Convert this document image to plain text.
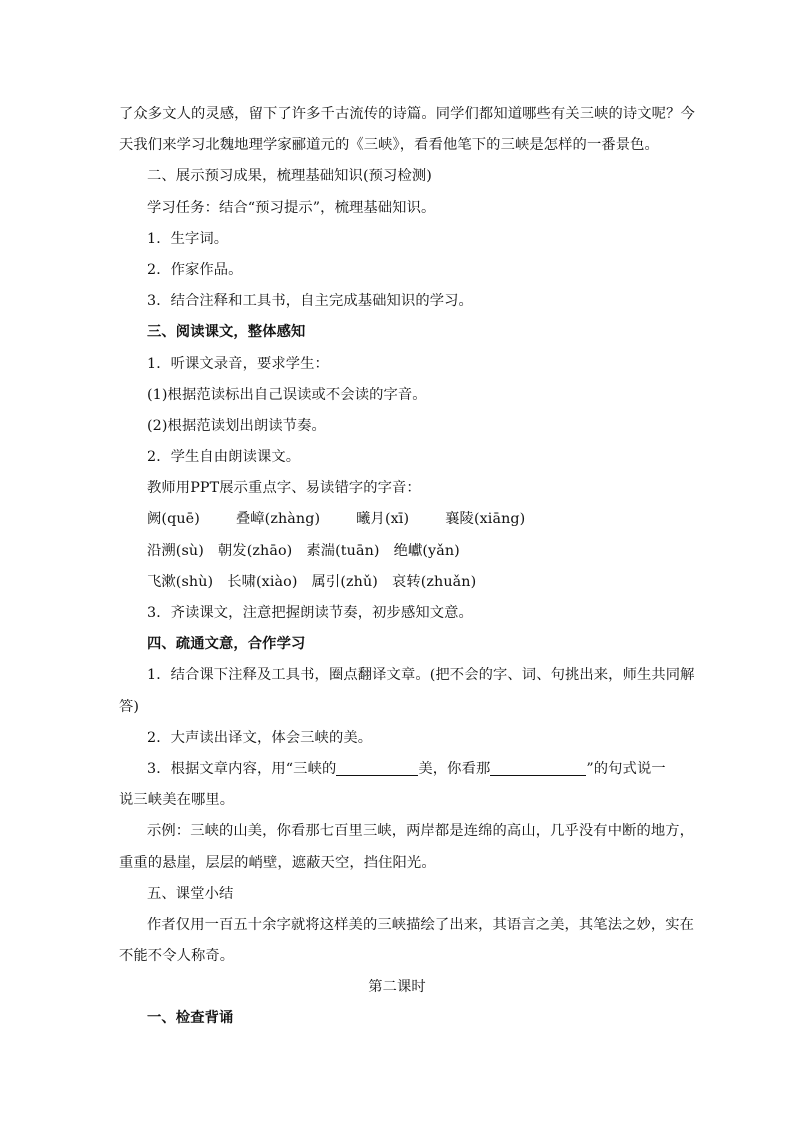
了众多文人的灵感，留下了许多千古流传的诗篇。同学们都知道哪些有关三峡的诗文呢？今
天我们来学习北魏地理学家郦道元的《三峡》，看看他笔下的三峡是怎样的一番景色。
二、展示预习成果，梳理基础知识(预习检测)
学习任务：结合“预习提示”，梳理基础知识。
1．生字词。
2．作家作品。
3．结合注释和工具书，自主完成基础知识的学习。
三、阅读课文，整体感知
1．听课文录音，要求学生：
(1)根据范读标出自己误读或不会读的字音。
(2)根据范读划出朗读节奏。
2．学生自由朗读课文。
教师用PPT展示重点字、易读错字的字音：
阙(quē)	叠嶂(zhàng)	曦月(xī)	襄陵(xiāng)
沿溯(sù) 朝发(zhāo) 素湍(tuān) 绝巘(yǎn)
飞漱(shù) 长啸(xiào) 属引(zhǔ) 哀转(zhuǎn)
3．齐读课文，注意把握朗读节奏，初步感知文意。
四、疏通文意，合作学习
1．结合课下注释及工具书，圈点翻译文章。(把不会的字、词、句挑出来，师生共同解
答)
2．大声读出译文，体会三峡的美。
3．根据文章内容，用“三峡的	美，你看那	”的句式说一
说三峡美在哪里。
示例：三峡的山美，你看那七百里三峡，两岸都是连绵的高山，几乎没有中断的地方，
重重的悬崖，层层的峭壁，遮蔽天空，挡住阳光。
五、课堂小结
作者仅用一百五十余字就将这样美的三峡描绘了出来，其语言之美，其笔法之妙，实在
不能不令人称奇。
第二课时
一、检查背诵
